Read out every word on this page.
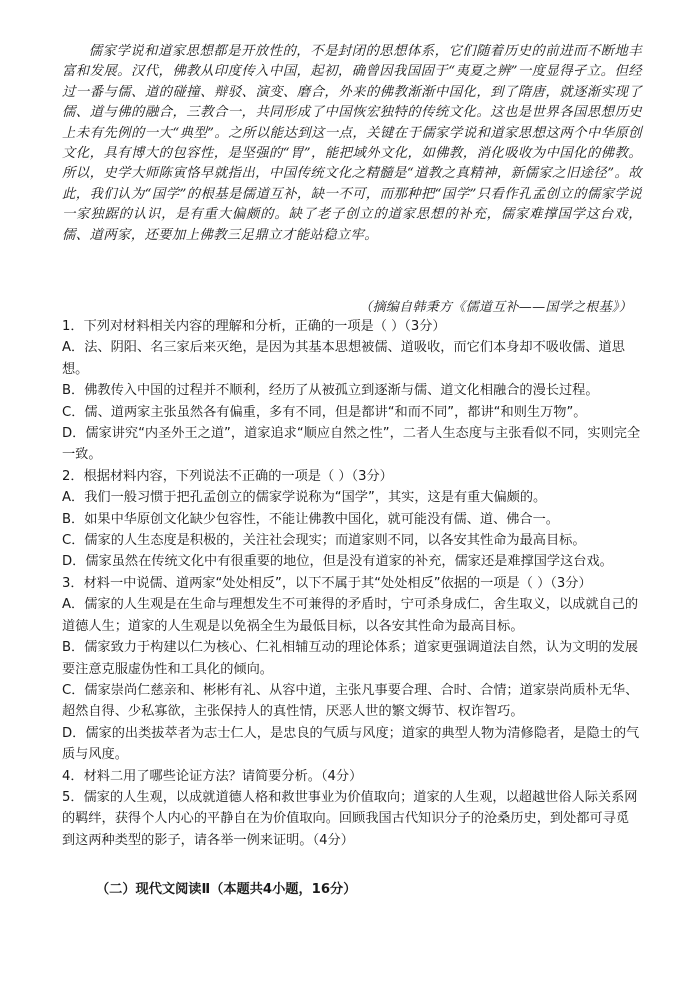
儒家学说和道家思想都是开放性的，不是封闭的思想体系，它们随着历史的前进而不断地丰富和发展。汉代，佛教从印度传入中国，起初，确曾因我国固于“夷夏之辨”一度显得孑立。但经过一番与儒、道的碰撞、辩驳、演变、磨合，外来的佛教渐渐中国化，到了隋唐，就逐渐实现了儒、道与佛的融合，三教合一，共同形成了中国恢宏独特的传统文化。这也是世界各国思想历史上未有先例的一大“典型”。之所以能达到这一点，关键在于儒家学说和道家思想这两个中华原创文化，具有博大的包容性，是坚强的“胃”，能把域外文化，如佛教，消化吸收为中国化的佛教。所以，史学大师陈寅恪早就指出，中国传统文化之精髓是“道教之真精神，新儒家之旧途径”。故此，我们认为“国学”的根基是儒道互补，缺一不可，而那种把“国学”只看作孔孟创立的儒家学说一家独踞的认识，是有重大偏颇的。缺了老子创立的道家思想的补充，儒家难撑国学这台戏，儒、道两家，还要加上佛教三足鼎立才能站稳立牢。

（摘编自韩秉方《儒道互补——国学之根基》）

1．下列对材料相关内容的理解和分析，正确的一项是（ ）（3分）

A．法、阴阳、名三家后来灭绝，是因为其基本思想被儒、道吸收，而它们本身却不吸收儒、道思想。

B．佛教传入中国的过程并不顺利，经历了从被孤立到逐渐与儒、道文化相融合的漫长过程。

C．儒、道两家主张虽然各有偏重，多有不同，但是都讲“和而不同”，都讲“和则生万物”。

D．儒家讲究“内圣外王之道”，道家追求“顺应自然之性”，二者人生态度与主张看似不同，实则完全一致。

2．根据材料内容，下列说法不正确的一项是（ ）（3分）

A．我们一般习惯于把孔孟创立的儒家学说称为“国学”，其实，这是有重大偏颇的。

B．如果中华原创文化缺少包容性，不能让佛教中国化，就可能没有儒、道、佛合一。

C．儒家的人生态度是积极的，关注社会现实；而道家则不同，以各安其性命为最高目标。

D．儒家虽然在传统文化中有很重要的地位，但是没有道家的补充，儒家还是难撑国学这台戏。

3．材料一中说儒、道两家“处处相反”，以下不属于其“处处相反”依据的一项是（ ）（3分）

A．儒家的人生观是在生命与理想发生不可兼得的矛盾时，宁可杀身成仁，舍生取义，以成就自己的道德人生；道家的人生观是以免祸全生为最低目标，以各安其性命为最高目标。

B．儒家致力于构建以仁为核心、仁礼相辅互动的理论体系；道家更强调道法自然，认为文明的发展要注意克服虚伪性和工具化的倾向。

C．儒家崇尚仁慈亲和、彬彬有礼、从容中道，主张凡事要合理、合时、合情；道家崇尚质朴无华、超然自得、少私寡欲，主张保持人的真性情，厌恶人世的繁文缛节、权诈智巧。

D．儒家的出类拔萃者为志士仁人，是忠良的气质与风度；道家的典型人物为清修隐者，是隐士的气质与风度。

4．材料二用了哪些论证方法？请简要分析。（4分）

5．儒家的人生观，以成就道德人格和救世事业为价值取向；道家的人生观，以超越世俗人际关系网的羁绊，获得个人内心的平静自在为价值取向。回顾我国古代知识分子的沧桑历史，到处都可寻觅到这两种类型的影子，请各举一例来证明。（4分）

（二）现代文阅读Ⅱ（本题共4小题，16分）
